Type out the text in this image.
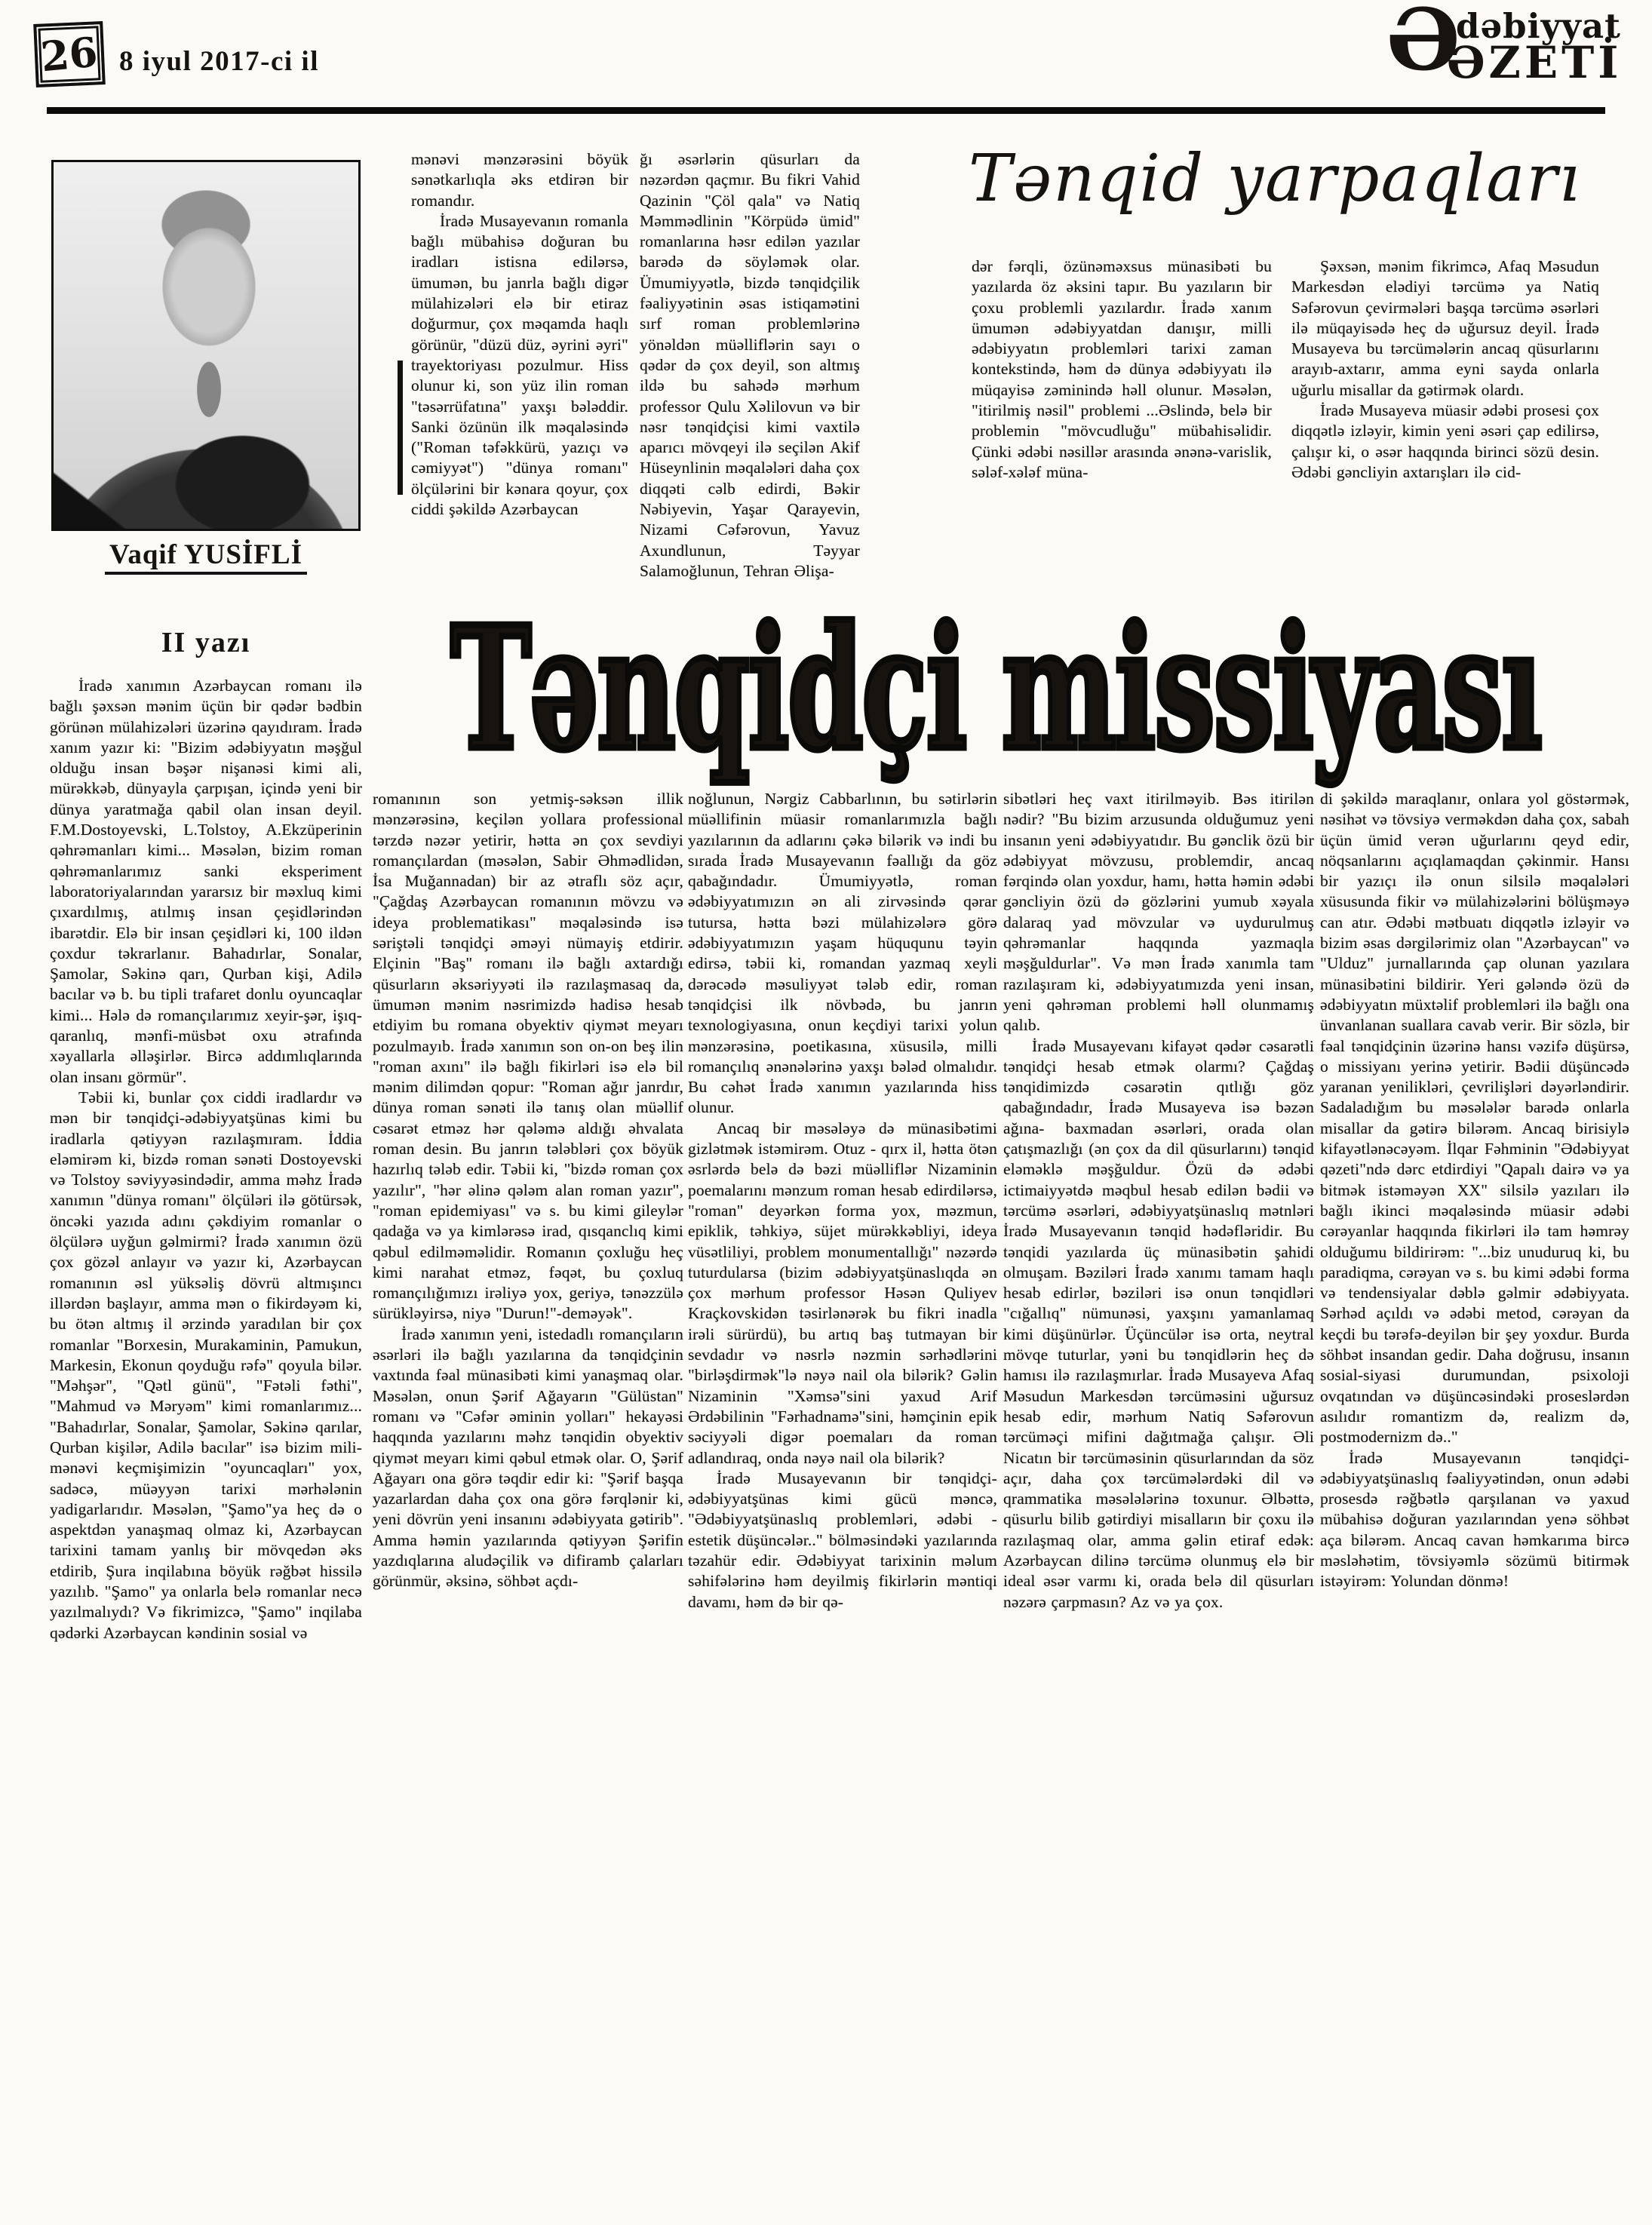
26 8 iyul 2017-ci il	Ə
dəbiyyat
ƏZETİ
Vaqif YUSİFLİ
Tənqid yarpaqları

mənəvi mənzərəsini böyük sənətkarlıqla əks etdirən bir romandır.

İradə Musayevanın romanla bağlı mübahisə doğuran bu iradları istisna edilərsə, ümumən, bu janrla bağlı digər mülahizələri elə bir etiraz doğurmur, çox məqamda haqlı görünür, "düzü düz, əyrini əyri" trayektoriyası pozulmur. Hiss olunur ki, son yüz ilin roman "təsərrüfatına" yaxşı bələddir. Sanki özünün ilk məqaləsində ("Roman təfəkkürü, yazıçı və cəmiyyət") "dünya romanı" ölçülərini bir kənara qoyur, çox ciddi şəkildə Azərbaycan

ğı əsərlərin qüsurları da nəzərdən qaçmır. Bu fikri Vahid Qazinin "Çöl qala" və Natiq Məmmədlinin "Körpüdə ümid" romanlarına həsr edilən yazılar barədə də söyləmək olar. Ümumiyyətlə, bizdə tənqidçilik fəaliyyətinin əsas istiqamətini sırf roman problemlərinə yönəldən müəlliflərin sayı o qədər də çox deyil, son altmış ildə bu sahədə mərhum professor Qulu Xəlilovun və bir nəsr tənqidçisi kimi vaxtilə aparıcı mövqeyi ilə seçilən Akif Hüseynlinin məqalələri daha çox diqqəti cəlb edirdi, Bəkir Nəbiyevin, Yaşar Qarayevin, Nizami Cəfərovun, Yavuz Axundlunun, Təyyar Salamoğlunun, Tehran Əlişa-

dər fərqli, özünəməxsus münasibəti bu yazılarda öz əksini tapır. Bu yazıların bir çoxu problemli yazılardır. İradə xanım ümumən ədəbiyyatdan danışır, milli ədəbiyyatın problemləri tarixi zaman kontekstində, həm də dünya ədəbiyyatı ilə müqayisə zəminində həll olunur. Məsələn, "itirilmiş nəsil" problemi ...Əslində, belə bir problemin "mövcudluğu" mübahisəlidir. Çünki ədəbi nəsillər arasında ənənə-varislik, sələf-xələf müna-

Şəxsən, mənim fikrimcə, Afaq Məsudun Markesdən elədiyi tərcümə ya Natiq Səfərovun çevirmələri başqa tərcümə əsərləri ilə müqayisədə heç də uğursuz deyil. İradə Musayeva bu tərcümələrin ancaq qüsurlarını arayıb-axtarır, amma eyni sayda onlarla uğurlu misallar da gətirmək olardı.

İradə Musayeva müasir ədəbi prosesi çox diqqətlə izləyir, kimin yeni əsəri çap edilirsə, çalışır ki, o əsər haqqında birinci sözü desin. Ədəbi gəncliyin axtarışları ilə cid-

Tənqidçi missiyası
II yazı

İradə xanımın Azərbaycan romanı ilə bağlı şəxsən mənim üçün bir qədər bədbin görünən mülahizələri üzərinə qayıdıram. İradə xanım yazır ki: "Bizim ədəbiyyatın məşğul olduğu insan bəşər nişanəsi kimi ali, mürəkkəb, dünyayla çarpışan, içində yeni bir dünya yaratmağa qabil olan insan deyil. F.M.Dostoyevski, L.Tolstoy, A.Ekzüperinin qəhrəmanları kimi... Məsələn, bizim roman qəhrəmanlarımız sanki eksperiment laboratoriyalarından yararsız bir məxluq kimi çıxardılmış, atılmış insan çeşidlərindən ibarətdir. Elə bir insan çeşidləri ki, 100 ildən çoxdur təkrarlanır. Bahadırlar, Sonalar, Şamolar, Səkinə qarı, Qurban kişi, Adilə bacılar və b. bu tipli trafaret donlu oyuncaqlar kimi... Hələ də romançılarımız xeyir-şər, işıq-qaranlıq, mənfi-müsbət oxu ətrafında xəyallarla əlləşirlər. Bircə addımlıqlarında olan insanı görmür".

Təbii ki, bunlar çox ciddi iradlardır və mən bir tənqidçi-ədəbiyyatşünas kimi bu iradlarla qətiyyən razılaşmıram. İddia eləmirəm ki, bizdə roman sənəti Dostoyevski və Tolstoy səviyyəsindədir, amma məhz İradə xanımın "dünya romanı" ölçüləri ilə götürsək, öncəki yazıda adını çəkdiyim romanlar o ölçülərə uyğun gəlmirmi? İradə xanımın özü çox gözəl anlayır və yazır ki, Azərbaycan romanının əsl yüksəliş dövrü altmışıncı illərdən başlayır, amma mən o fikirdəyəm ki, bu ötən altmış il ərzində yaradılan bir çox romanlar "Borxesin, Murakaminin, Pamukun, Markesin, Ekonun qoyduğu rəfə" qoyula bilər. "Məhşər", "Qətl günü", "Fətəli fəthi", "Mahmud və Məryəm" kimi romanlarımız... "Bahadırlar, Sonalar, Şamolar, Səkinə qarılar, Qurban kişilər, Adilə bacılar" isə bizim mili-mənəvi keçmişimizin "oyuncaqları" yox, sadəcə, müəyyən tarixi mərhələnin yadigarlarıdır. Məsələn, "Şamo"ya heç də o aspektdən yanaşmaq olmaz ki, Azərbaycan tarixini tamam yanlış bir mövqedən əks etdirib, Şura inqilabına böyük rəğbət hissilə yazılıb. "Şamo" ya onlarla belə romanlar necə yazılmalıydı? Və fikrimizcə, "Şamo" inqilaba qədərki Azərbaycan kəndinin sosial və

romanının son yetmiş-səksən illik mənzərəsinə, keçilən yollara professional tərzdə nəzər yetirir, hətta ən çox sevdiyi romançılardan (məsələn, Sabir Əhmədlidən, İsa Muğannadan) bir az ətraflı söz açır, "Çağdaş Azərbaycan romanının mövzu və ideya problematikası" məqaləsində isə səriştəli tənqidçi əməyi nümayiş etdirir. Elçinin "Baş" romanı ilə bağlı axtardığı qüsurların əksəriyyəti ilə razılaşmasaq da, ümumən mənim nəsrimizdə hadisə hesab etdiyim bu romana obyektiv qiymət meyarı pozulmayıb. İradə xanımın son on-on beş ilin "roman axını" ilə bağlı fikirləri isə elə bil mənim dilimdən qopur: "Roman ağır janrdır, dünya roman sənəti ilə tanış olan müəllif cəsarət etməz hər qələmə aldığı əhvalata roman desin. Bu janrın tələbləri çox böyük hazırlıq tələb edir. Təbii ki, "bizdə roman çox yazılır", "hər əlinə qələm alan roman yazır", "roman epidemiyası" və s. bu kimi gileylər qadağa və ya kimlərəsə irad, qısqanclıq kimi qəbul edilməməlidir. Romanın çoxluğu heç kimi narahat etməz, fəqət, bu çoxluq romançılığımızı irəliyə yox, geriyə, tənəzzülə sürükləyirsə, niyə "Durun!"-deməyək".

İradə xanımın yeni, istedadlı romançıların əsərləri ilə bağlı yazılarına da tənqidçinin vaxtında fəal münasibəti kimi yanaşmaq olar. Məsələn, onun Şərif Ağayarın "Gülüstan" romanı və "Cəfər əminin yolları" hekayəsi haqqında yazılarını məhz tənqidin obyektiv qiymət meyarı kimi qəbul etmək olar. O, Şərif Ağayarı ona görə təqdir edir ki: "Şərif başqa yazarlardan daha çox ona görə fərqlənir ki, yeni dövrün yeni insanını ədəbiyyata gətirib". Amma həmin yazılarında qətiyyən Şərifin yazdıqlarına aludəçilik və difiramb çalarları görünmür, əksinə, söhbət açdı-

noğlunun, Nərgiz Cabbarlının, bu sətirlərin müəllifinin müasir romanlarımızla bağlı yazılarının da adlarını çəkə bilərik və indi bu sırada İradə Musayevanın fəallığı da göz qabağındadır. Ümumiyyətlə, roman ədəbiyyatımızın ən ali zirvəsində qərar tutursa, hətta bəzi mülahizələrə görə ədəbiyyatımızın yaşam hüququnu təyin edirsə, təbii ki, romandan yazmaq xeyli dərəcədə məsuliyyət tələb edir, roman tənqidçisi ilk növbədə, bu janrın texnologiyasına, onun keçdiyi tarixi yolun mənzərəsinə, poetikasına, xüsusilə, milli romançılıq ənənələrinə yaxşı bələd olmalıdır. Bu cəhət İradə xanımın yazılarında hiss olunur.

Ancaq bir məsələyə də münasibətimi gizlətmək istəmirəm. Otuz - qırx il, hətta ötən əsrlərdə belə də bəzi müəlliflər Nizaminin poemalarını mənzum roman hesab edirdilərsə, "roman" deyərkən forma yox, məzmun, epiklik, təhkiyə, süjet mürəkkəbliyi, ideya vüsətliliyi, problem monumentallığı" nəzərdə tuturdularsa (bizim ədəbiyyatşünaslıqda ən çox mərhum professor Həsən Quliyev Kraçkovskidən təsirlənərək bu fikri inadla irəli sürürdü), bu artıq baş tutmayan bir sevdadır və nəsrlə nəzmin sərhədlərini "birləşdirmək"lə nəyə nail ola bilərik? Gəlin Nizaminin "Xəmsə"sini yaxud Arif Ərdəbilinin "Fərhadnamə"sini, həmçinin epik səciyyəli digər poemaları da roman adlandıraq, onda nəyə nail ola bilərik?

İradə Musayevanın bir tənqidçi-ədəbiyyatşünas kimi gücü məncə, "Ədəbiyyatşünaslıq problemləri, ədəbi - estetik düşüncələr.." bölməsindəki yazılarında təzahür edir. Ədəbiyyat tarixinin məlum səhifələrinə həm deyilmiş fikirlərin məntiqi davamı, həm də bir qə-

sibətləri heç vaxt itirilməyib. Bəs itirilən nədir? "Bu bizim arzusunda olduğumuz yeni insanın yeni ədəbiyyatıdır. Bu gənclik özü bir ədəbiyyat mövzusu, problemdir, ancaq fərqində olan yoxdur, hamı, hətta həmin ədəbi gəncliyin özü də gözlərini yumub xəyala dalaraq yad mövzular və uydurulmuş qəhrəmanlar haqqında yazmaqla məşğuldurlar". Və mən İradə xanımla tam razılaşıram ki, ədəbiyyatımızda yeni insan, yeni qəhrəman problemi həll olunmamış qalıb.

İradə Musayevanı kifayət qədər cəsarətli tənqidçi hesab etmək olarmı? Çağdaş tənqidimizdə cəsarətin qıtlığı göz qabağındadır, İradə Musayeva isə bəzən ağına- baxmadan əsərləri, orada olan çatışmazlığı (ən çox da dil qüsurlarını) tənqid eləməklə məşğuldur. Özü də ədəbi ictimaiyyətdə məqbul hesab edilən bədii və tərcümə əsərləri, ədəbiyyatşünaslıq mətnləri İradə Musayevanın tənqid hədəfləridir. Bu tənqidi yazılarda üç münasibətin şahidi olmuşam. Bəziləri İradə xanımı tamam haqlı hesab edirlər, bəziləri isə onun tənqidləri "cığallıq" nümunəsi, yaxşını yamanlamaq kimi düşünürlər. Üçüncülər isə orta, neytral mövqe tuturlar, yəni bu tənqidlərin heç də hamısı ilə razılaşmırlar. İradə Musayeva Afaq Məsudun Markesdən tərcüməsini uğursuz hesab edir, mərhum Natiq Səfərovun tərcüməçi mifini dağıtmağa çalışır. Əli Nicatın bir tərcüməsinin qüsurlarından da söz açır, daha çox tərcümələrdəki dil və qrammatika məsələlərinə toxunur. Əlbəttə, qüsurlu bilib gətirdiyi misalların bir çoxu ilə razılaşmaq olar, amma gəlin etiraf edək: Azərbaycan dilinə tərcümə olunmuş elə bir ideal əsər varmı ki, orada belə dil qüsurları nəzərə çarpmasın? Az və ya çox.

di şəkildə maraqlanır, onlara yol göstərmək, nəsihət və tövsiyə verməkdən daha çox, sabah üçün ümid verən uğurlarını qeyd edir, nöqsanlarını açıqlamaqdan çəkinmir. Hansı bir yazıçı ilə onun silsilə məqalələri xüsusunda fikir və mülahizələrini bölüşməyə can atır. Ədəbi mətbuatı diqqətlə izləyir və bizim əsas dərgilərimiz olan "Azərbaycan" və "Ulduz" jurnallarında çap olunan yazılara münasibətini bildirir. Yeri gələndə özü də ədəbiyyatın müxtəlif problemləri ilə bağlı ona ünvanlanan suallara cavab verir. Bir sözlə, bir fəal tənqidçinin üzərinə hansı vəzifə düşürsə, o missiyanı yerinə yetirir. Bədii düşüncədə yaranan yenilikləri, çevrilişləri dəyərləndirir. Sadaladığım bu məsələlər barədə onlarla misallar da gətirə bilərəm. Ancaq birisiylə kifayətlənəcəyəm. İlqar Fəhminin "Ədəbiyyat qəzeti"ndə dərc etdirdiyi "Qapalı dairə və ya bitmək istəməyən XX" silsilə yazıları ilə bağlı ikinci məqaləsində müasir ədəbi cərəyanlar haqqında fikirləri ilə tam həmrəy olduğumu bildirirəm: "...biz unuduruq ki, bu paradiqma, cərəyan və s. bu kimi ədəbi forma və tendensiyalar dəblə gəlmir ədəbiyyata. Sərhəd açıldı və ədəbi metod, cərəyan da keçdi bu tərəfə-deyilən bir şey yoxdur. Burda söhbət insandan gedir. Daha doğrusu, insanın sosial-siyasi durumundan, psixoloji ovqatından və düşüncəsindəki proseslərdən asılıdır romantizm də, realizm də, postmodernizm də.."

İradə Musayevanın tənqidçi-ədəbiyyatşünaslıq fəaliyyətindən, onun ədəbi prosesdə rəğbətlə qarşılanan və yaxud mübahisə doğuran yazılarından yenə söhbət aça bilərəm. Ancaq cavan həmkarıma bircə məsləhətim, tövsiyəmlə sözümü bitirmək istəyirəm: Yolundan dönmə!
